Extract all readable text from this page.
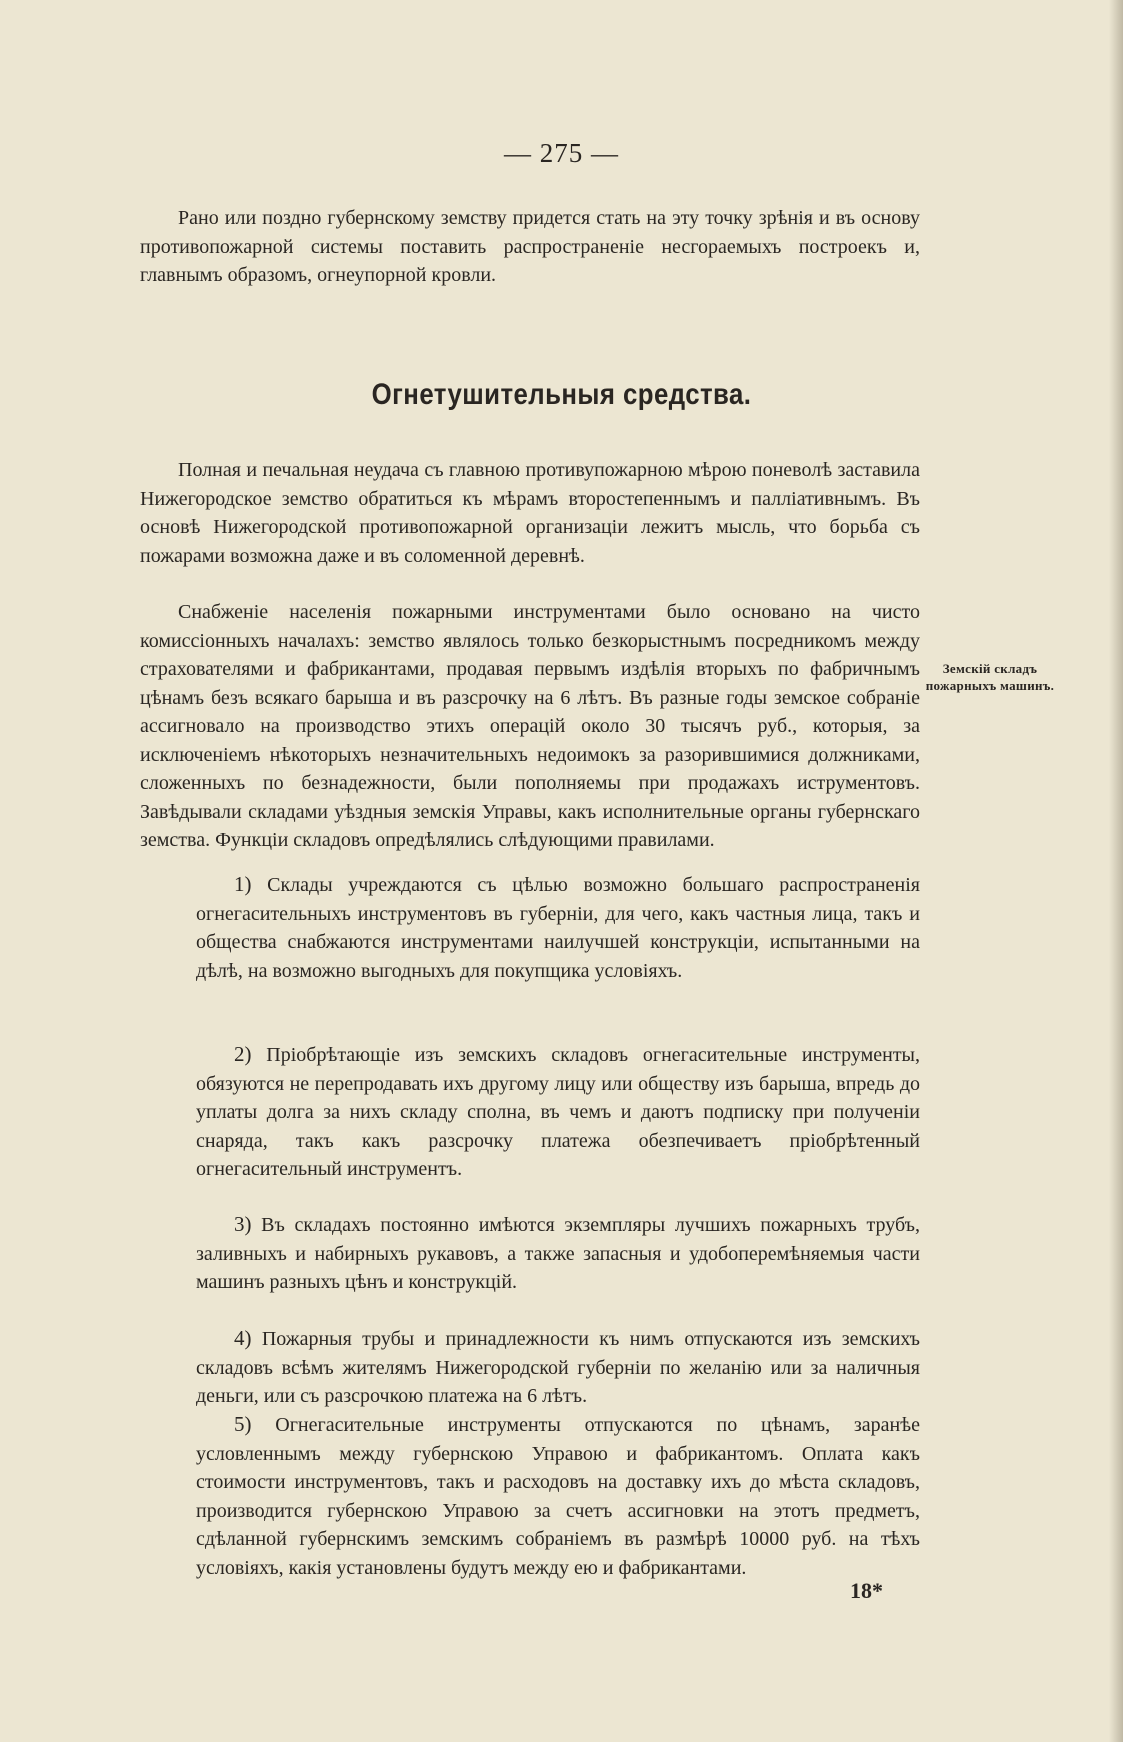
— 275 —
Рано или поздно губернскому земству придется стать на эту точку зрѣнія и въ основу противопожарной системы поставить распространеніе несгораемыхъ построекъ и, главнымъ образомъ, огнеупорной кровли.
Огнетушительныя средства.
Полная и печальная неудача съ главною противупожарною мѣрою поневолѣ заставила Нижегородское земство обратиться къ мѣрамъ второстепеннымъ и палліативнымъ. Въ основѣ Нижегородской противопожарной организаціи лежитъ мысль, что борьба съ пожарами возможна даже и въ соломенной деревнѣ.
Снабженіе населенія пожарными инструментами было основано на чисто комиссіонныхъ началахъ: земство являлось только безкорыстнымъ посредникомъ между страхователями и фабрикантами, продавая первымъ издѣлія вторыхъ по фабричнымъ цѣнамъ безъ всякаго барыша и въ разсрочку на 6 лѣтъ. Въ разные годы земское собраніе ассигновало на производство этихъ операцій около 30 тысячъ руб., которыя, за исключеніемъ нѣкоторыхъ незначительныхъ недоимокъ за разорившимися должниками, сложенныхъ по безнадежности, были пополняемы при продажахъ иструментовъ. Завѣдывали складами уѣздныя земскія Управы, какъ исполнительные органы губернскаго земства. Функціи складовъ опредѣлялись слѣдующими правилами.
Земскій складъ пожарныхъ машинъ.
1) Склады учреждаются съ цѣлью возможно большаго распространенія огнегасительныхъ инструментовъ въ губерніи, для чего, какъ частныя лица, такъ и общества снабжаются инструментами наилучшей конструкціи, испытанными на дѣлѣ, на возможно выгодныхъ для покупщика условіяхъ.
2) Пріобрѣтающіе изъ земскихъ складовъ огнегасительные инструменты, обязуются не перепродавать ихъ другому лицу или обществу изъ барыша, впредь до уплаты долга за нихъ складу сполна, въ чемъ и даютъ подписку при полученіи снаряда, такъ какъ разсрочку платежа обезпечиваетъ пріобрѣтенный огнегасительный инструментъ.
3) Въ складахъ постоянно имѣются экземпляры лучшихъ пожарныхъ трубъ, заливныхъ и набирныхъ рукавовъ, а также запасныя и удобоперемѣняемыя части машинъ разныхъ цѣнъ и конструкцій.
4) Пожарныя трубы и принадлежности къ нимъ отпускаются изъ земскихъ складовъ всѣмъ жителямъ Нижегородской губерніи по желанію или за наличныя деньги, или съ разсрочкою платежа на 6 лѣтъ.
5) Огнегасительные инструменты отпускаются по цѣнамъ, заранѣе условленнымъ между губернскою Управою и фабрикантомъ. Оплата какъ стоимости инструментовъ, такъ и расходовъ на доставку ихъ до мѣста складовъ, производится губернскою Управою за счетъ ассигновки на этотъ предметъ, сдѣланной губернскимъ земскимъ собраніемъ въ размѣрѣ 10000 руб. на тѣхъ условіяхъ, какія установлены будутъ между ею и фабрикантами.
18*
